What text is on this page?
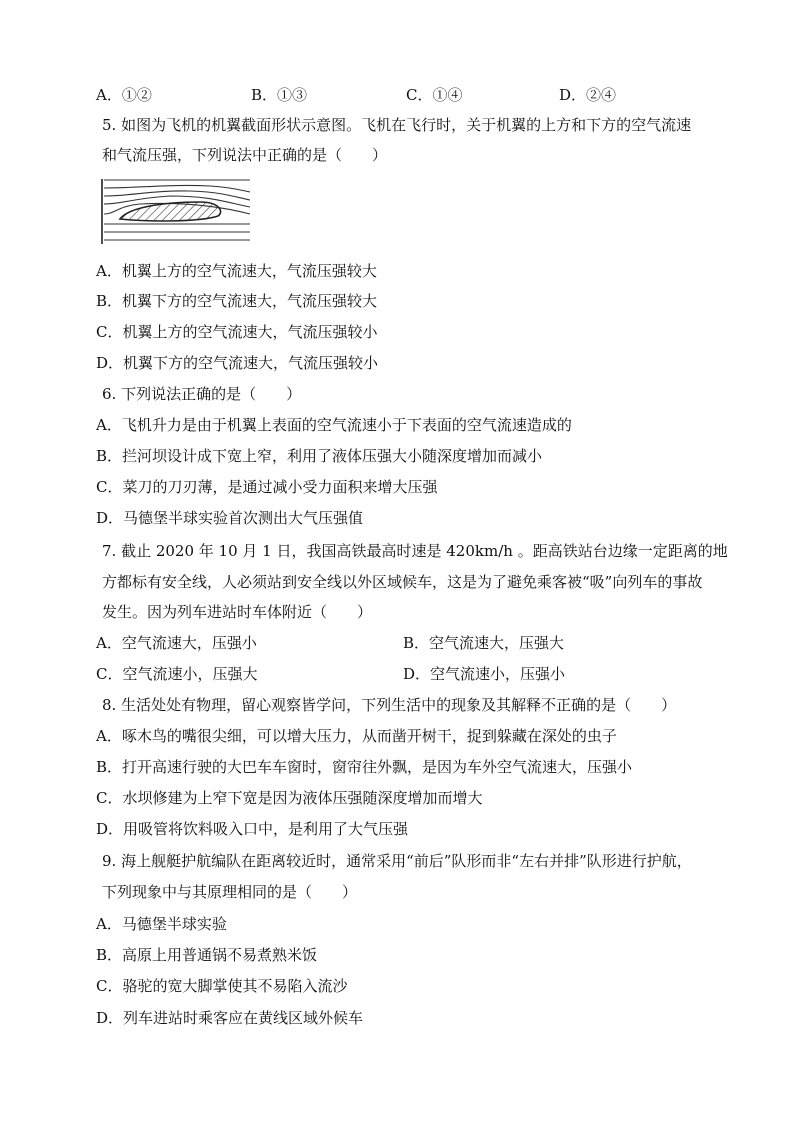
A．①②	B．①③	C．①④	D．②④
5. 如图为飞机的机翼截面形状示意图。飞机在飞行时，关于机翼的上方和下方的空气流速
和气流压强，下列说法中正确的是（　　）
A．机翼上方的空气流速大，气流压强较大
B．机翼下方的空气流速大，气流压强较大
C．机翼上方的空气流速大，气流压强较小
D．机翼下方的空气流速大，气流压强较小
6. 下列说法正确的是（　　）
A．飞机升力是由于机翼上表面的空气流速小于下表面的空气流速造成的
B．拦河坝设计成下宽上窄，利用了液体压强大小随深度增加而减小
C．菜刀的刀刃薄，是通过减小受力面积来增大压强
D．马德堡半球实验首次测出大气压强值
7. 截止 2020 年 10 月 1 日，我国高铁最高时速是 420km/h 。距高铁站台边缘一定距离的地
方都标有安全线，人必须站到安全线以外区域候车，这是为了避免乘客被“吸”向列车的事故
发生。因为列车进站时车体附近（　　）
A．空气流速大，压强小	B．空气流速大，压强大
C．空气流速小，压强大	D．空气流速小，压强小
8. 生活处处有物理，留心观察皆学问，下列生活中的现象及其解释不正确的是（　　）
A．啄木鸟的嘴很尖细，可以增大压力，从而凿开树干，捉到躲藏在深处的虫子
B．打开高速行驶的大巴车车窗时，窗帘往外飘，是因为车外空气流速大，压强小
C．水坝修建为上窄下宽是因为液体压强随深度增加而增大
D．用吸管将饮料吸入口中，是利用了大气压强
9. 海上舰艇护航编队在距离较近时，通常采用“前后”队形而非“左右并排”队形进行护航，
下列现象中与其原理相同的是（　　）
A．马德堡半球实验
B．高原上用普通锅不易煮熟米饭
C．骆驼的宽大脚掌使其不易陷入流沙
D．列车进站时乘客应在黄线区域外候车
